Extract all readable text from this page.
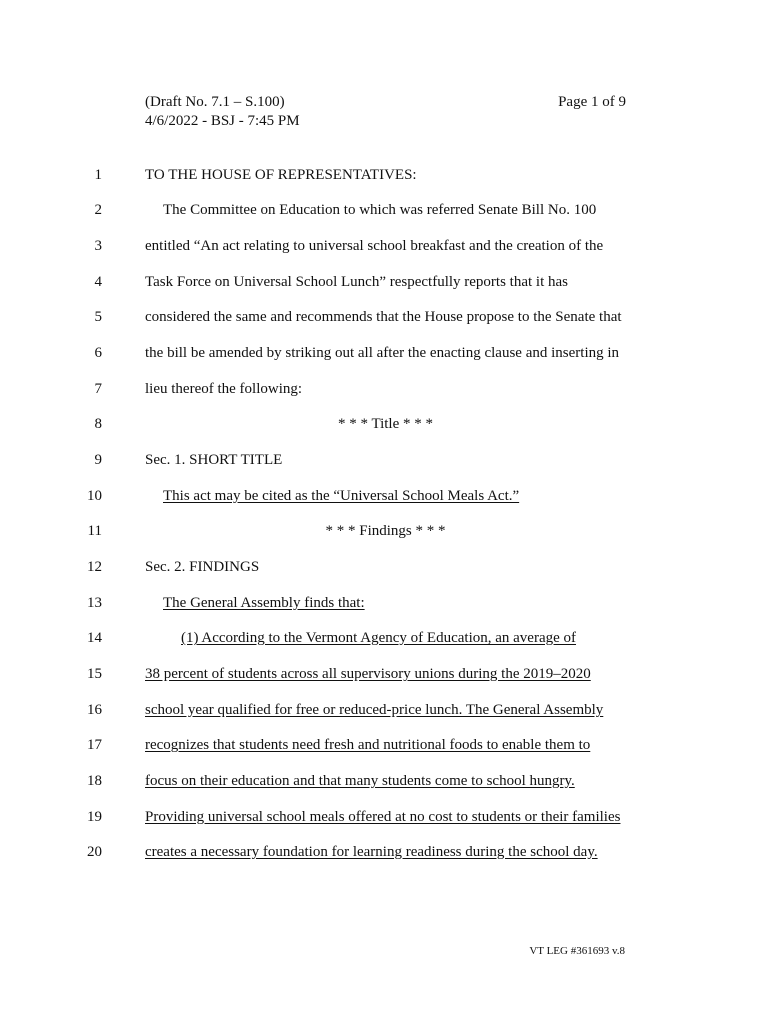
(Draft No. 7.1 – S.100)
4/6/2022 - BSJ - 7:45 PM
Page 1 of 9
1	TO THE HOUSE OF REPRESENTATIVES:
2	The Committee on Education to which was referred Senate Bill No. 100
3	entitled “An act relating to universal school breakfast and the creation of the
4	Task Force on Universal School Lunch” respectfully reports that it has
5	considered the same and recommends that the House propose to the Senate that
6	the bill be amended by striking out all after the enacting clause and inserting in
7	lieu thereof the following:
8	* * * Title * * *
9	Sec. 1. SHORT TITLE
10	This act may be cited as the “Universal School Meals Act.”
11	* * * Findings * * *
12	Sec. 2. FINDINGS
13	The General Assembly finds that:
14	(1) According to the Vermont Agency of Education, an average of
15	38 percent of students across all supervisory unions during the 2019–2020
16	school year qualified for free or reduced-price lunch. The General Assembly
17	recognizes that students need fresh and nutritional foods to enable them to
18	focus on their education and that many students come to school hungry.
19	Providing universal school meals offered at no cost to students or their families
20	creates a necessary foundation for learning readiness during the school day.
VT LEG #361693 v.8
